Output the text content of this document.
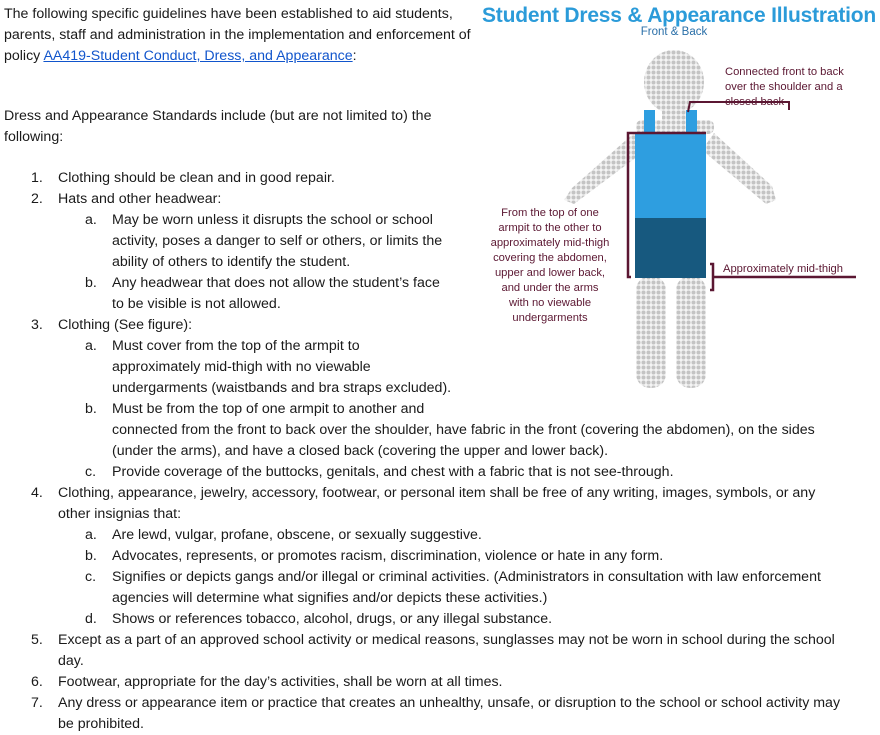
The following specific guidelines have been established to aid students, parents, staff and administration in the implementation and enforcement of policy AA419-Student Conduct, Dress, and Appearance:

Dress and Appearance Standards include (but are not limited to) the following:

1.	Clothing should be clean and in good repair.
2.	Hats and other headwear:
a.	May be worn unless it disrupts the school or school
activity, poses a danger to self or others, or limits the
ability of others to identify the student.
b.	Any headwear that does not allow the student’s face
to be visible is not allowed.
3.	Clothing (See figure):
a.	Must cover from the top of the armpit to
approximately mid-thigh with no viewable
undergarments (waistbands and bra straps excluded).
b.	Must be from the top of one armpit to another and
connected from the front to back over the shoulder, have fabric in the front (covering the abdomen), on the sides
(under the arms), and have a closed back (covering the upper and lower back).
c.	Provide coverage of the buttocks, genitals, and chest with a fabric that is not see-through.
4.	Clothing, appearance, jewelry, accessory, footwear, or personal item shall be free of any writing, images, symbols, or any
other insignias that:
a.	Are lewd, vulgar, profane, obscene, or sexually suggestive.
b.	Advocates, represents, or promotes racism, discrimination, violence or hate in any form.
c.	Signifies or depicts gangs and/or illegal or criminal activities. (Administrators in consultation with law enforcement
agencies will determine what signifies and/or depicts these activities.)
d.	Shows or references tobacco, alcohol, drugs, or any illegal substance.
5.	Except as a part of an approved school activity or medical reasons, sunglasses may not be worn in school during the school
day.
6.	Footwear, appropriate for the day’s activities, shall be worn at all times.
7.	Any dress or appearance item or practice that creates an unhealthy, unsafe, or disruption to the school or school activity may
be prohibited.
Student Dress & Appearance Illustration
Front & Back
Connected front to back
over the shoulder and a
closed back
Approximately mid-thigh
From the top of one
armpit to the other to
approximately mid-thigh
covering the abdomen,
upper and lower back,
and under the arms
with no viewable
undergarments
